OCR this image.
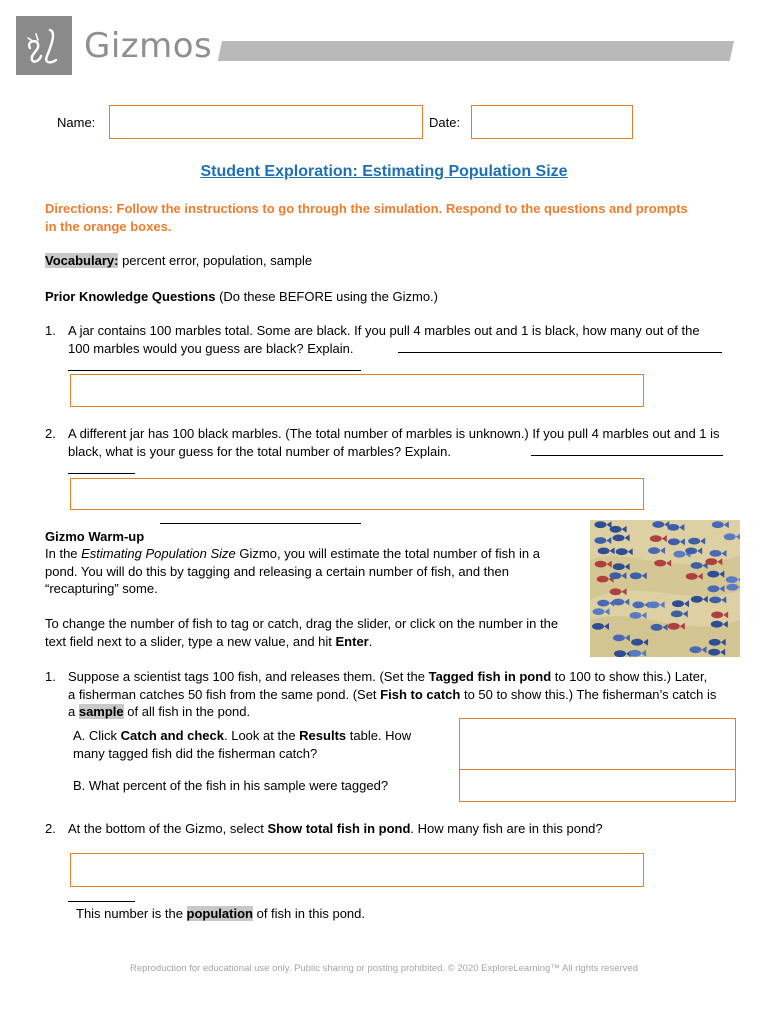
Gizmos
Name:	Date:
Student Exploration: Estimating Population Size
Directions: Follow the instructions to go through the simulation. Respond to the questions and prompts in the orange boxes.
Vocabulary: percent error, population, sample
Prior Knowledge Questions (Do these BEFORE using the Gizmo.)
1. A jar contains 100 marbles total. Some are black. If you pull 4 marbles out and 1 is black, how many out of the 100 marbles would you guess are black? Explain.
2. A different jar has 100 black marbles. (The total number of marbles is unknown.) If you pull 4 marbles out and 1 is black, what is your guess for the total number of marbles? Explain.
Gizmo Warm-up
In the Estimating Population Size Gizmo, you will estimate the total number of fish in a pond. You will do this by tagging and releasing a certain number of fish, and then “recapturing” some.
To change the number of fish to tag or catch, drag the slider, or click on the number in the text field next to a slider, type a new value, and hit Enter.
1. Suppose a scientist tags 100 fish, and releases them. (Set the Tagged fish in pond to 100 to show this.) Later, a fisherman catches 50 fish from the same pond. (Set Fish to catch to 50 to show this.) The fisherman’s catch is a sample of all fish in the pond.
A. Click Catch and check. Look at the Results table. How many tagged fish did the fisherman catch?
B. What percent of the fish in his sample were tagged?
2. At the bottom of the Gizmo, select Show total fish in pond. How many fish are in this pond?
This number is the population of fish in this pond.
Reproduction for educational use only. Public sharing or posting prohibited. © 2020 ExploreLearning™ All rights reserved
